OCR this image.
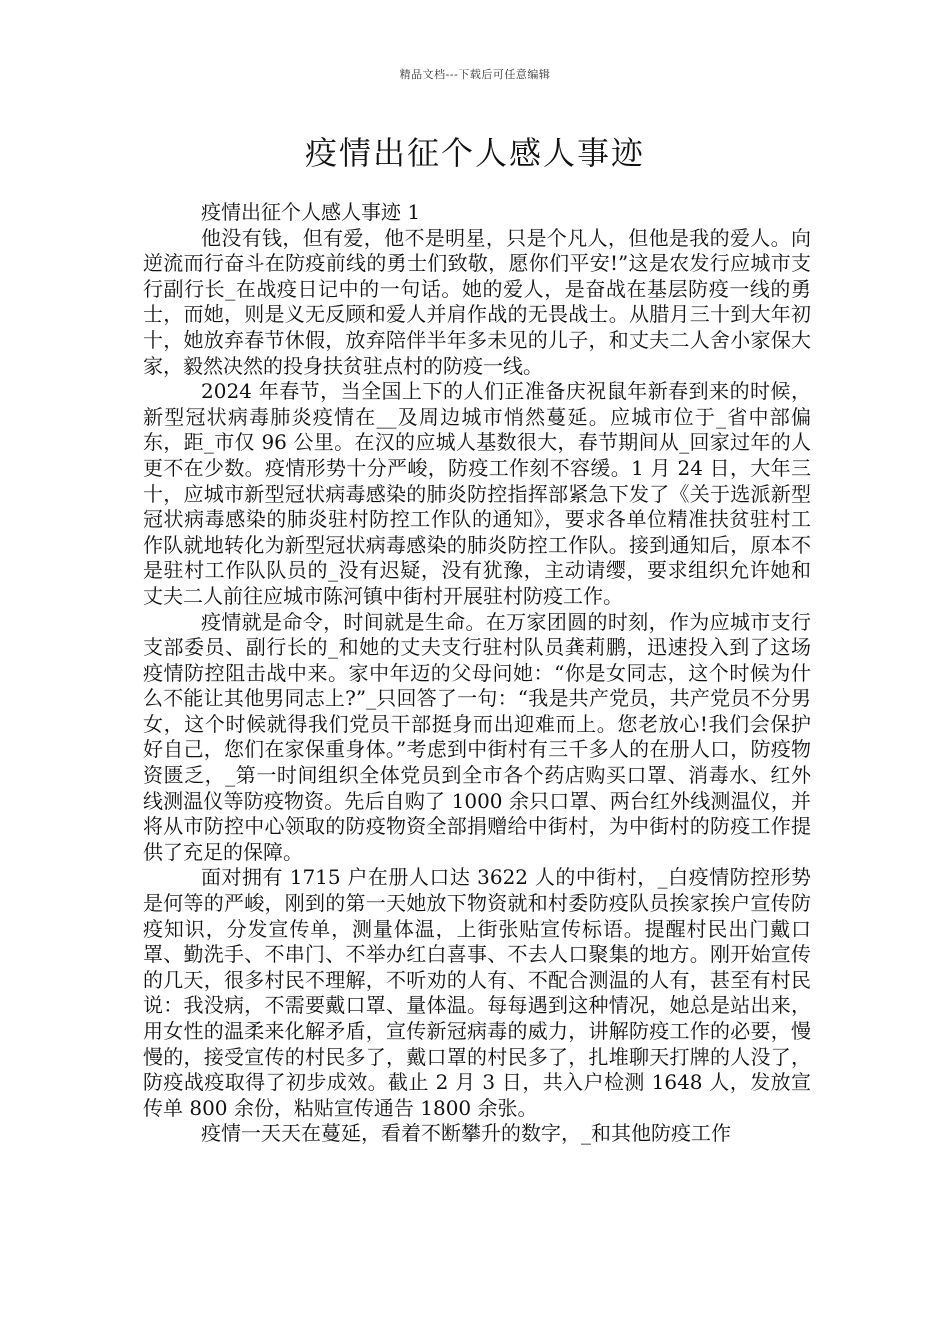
精品文档---下载后可任意编辑
疫情出征个人感人事迹

疫情出征个人感人事迹 1

他没有钱，但有爱，他不是明星，只是个凡人，但他是我的爱人。向逆流而行奋斗在防疫前线的勇士们致敬，愿你们平安!”这是农发行应城市支行副行长_在战疫日记中的一句话。她的爱人，是奋战在基层防疫一线的勇士，而她，则是义无反顾和爱人并肩作战的无畏战士。从腊月三十到大年初十，她放弃春节休假，放弃陪伴半年多未见的儿子，和丈夫二人舍小家保大家，毅然决然的投身扶贫驻点村的防疫一线。

2024 年春节，当全国上下的人们正准备庆祝鼠年新春到来的时候，新型冠状病毒肺炎疫情在__及周边城市悄然蔓延。应城市位于_省中部偏东，距_市仅 96 公里。在汉的应城人基数很大，春节期间从_回家过年的人更不在少数。疫情形势十分严峻，防疫工作刻不容缓。1 月 24 日，大年三十，应城市新型冠状病毒感染的肺炎防控指挥部紧急下发了《关于选派新型冠状病毒感染的肺炎驻村防控工作队的通知》，要求各单位精准扶贫驻村工作队就地转化为新型冠状病毒感染的肺炎防控工作队。接到通知后，原本不是驻村工作队队员的_没有迟疑，没有犹豫，主动请缨，要求组织允许她和丈夫二人前往应城市陈河镇中街村开展驻村防疫工作。

疫情就是命令，时间就是生命。在万家团圆的时刻，作为应城市支行支部委员、副行长的_和她的丈夫支行驻村队员龚莉鹏，迅速投入到了这场疫情防控阻击战中来。家中年迈的父母问她：“你是女同志，这个时候为什么不能让其他男同志上?”_只回答了一句：“我是共产党员，共产党员不分男女，这个时候就得我们党员干部挺身而出迎难而上。您老放心!我们会保护好自己，您们在家保重身体。”考虑到中街村有三千多人的在册人口，防疫物资匮乏，_第一时间组织全体党员到全市各个药店购买口罩、消毒水、红外线测温仪等防疫物资。先后自购了 1000 余只口罩、两台红外线测温仪，并将从市防控中心领取的防疫物资全部捐赠给中街村，为中街村的防疫工作提供了充足的保障。

面对拥有 1715 户在册人口达 3622 人的中街村，_白疫情防控形势是何等的严峻，刚到的第一天她放下物资就和村委防疫队员挨家挨户宣传防疫知识，分发宣传单，测量体温，上街张贴宣传标语。提醒村民出门戴口罩、勤洗手、不串门、不举办红白喜事、不去人口聚集的地方。刚开始宣传的几天，很多村民不理解，不听劝的人有、不配合测温的人有，甚至有村民说：我没病，不需要戴口罩、量体温。每每遇到这种情况，她总是站出来，用女性的温柔来化解矛盾，宣传新冠病毒的威力，讲解防疫工作的必要，慢慢的，接受宣传的村民多了，戴口罩的村民多了，扎堆聊天打牌的人没了，防疫战疫取得了初步成效。截止 2 月 3 日，共入户检测 1648 人，发放宣传单 800 余份，粘贴宣传通告 1800 余张。

疫情一天天在蔓延，看着不断攀升的数字，_和其他防疫工作
